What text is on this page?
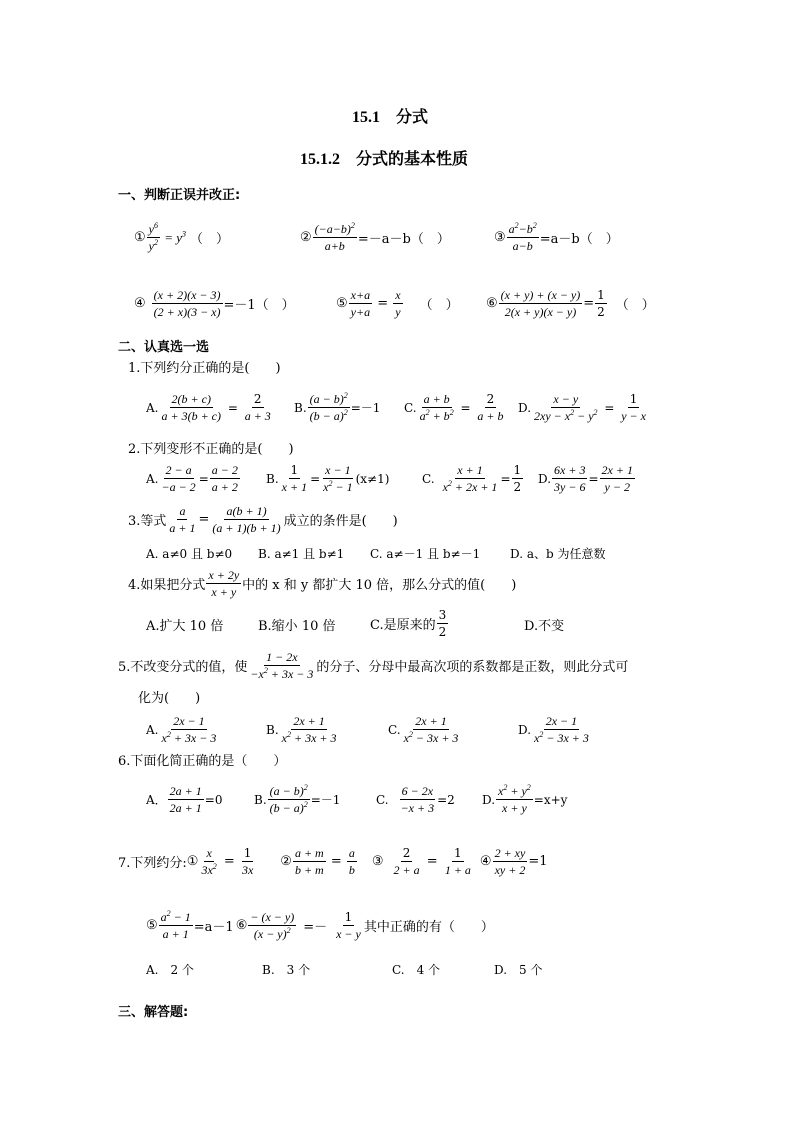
15.1　分式
15.1.2　分式的基本性质
一、判断正误并改正:
① $\frac{y^6}{y^2} = y^3$ （　）	② $\frac{(-a-b)^2}{a+b} =-a-b$ （　）	③ $\frac{a^2-b^2}{a-b} =a-b$ （　）
④ $\frac{(x + 2)(x - 3)}{(2 + x)(3 - x)} =-1$ （　）	⑤ $\frac{x+a}{y+a} = \frac{x}{y}$ （　） ⑥ $\frac{(x + y) + (x - y)}{2(x + y)(x - y)} = \frac{1}{2}$ （　）
二、认真选一选
1.下列约分正确的是(　　)
A. $\frac{2(b + c)}{a + 3(b + c)} = \frac{2}{a + 3} B$. $\frac{(a - b)^2}{(b - a)^2} =-1$ C. $\frac{a + b}{a^2 + b^2} = \frac{2}{a + b} D$. $\frac{x - y}{2xy - x^2 - y^2} = \frac{1}{y - x}$
2.下列变形不正确的是(　　)
A. $\frac{2 - a}{-a - 2} = \frac{a - 2}{a + 2} B$. $\frac{1}{x + 1} = \frac{x - 1}{x^2 - 1} (x\ne 1)$	C. $\frac{x + 1}{x^2 + 2x + 1} = \frac{1}{2} D$. $\frac{6x + 3}{3y - 6} = \frac{2x + 1}{y - 2}$
3.等式 $\frac{a}{a + 1} = \frac{a(b + 1)}{(a + 1)(b + 1)}$ 成立的条件是(　　)
A. a≠0 且 b≠0 B. a≠1 且 b≠1 C. a≠－1 且 b≠－1 D. a、b 为任意数
4.如果把分式 $\frac{x + 2y}{x + y}$ 中的 x 和 y 都扩大 10 倍，那么分式的值(　　)
A.扩大 10 倍	B.缩小 10 倍	C.是原来的 $\frac{3}{2}$	D.不变
5.不改变分式的值，使 $\frac{1 - 2x}{-x^2 + 3x - 3}$ 的分子、分母中最高次项的系数都是正数，则此分式可
化为(　　)
A. $\frac{2x - 1}{x^2 + 3x - 3}$	B. $\frac{2x + 1}{x^2 + 3x + 3}$	C. $\frac{2x + 1}{x^2 - 3x + 3}$	D. $\frac{2x - 1}{x^2 - 3x + 3}$
6.下面化简正确的是（　　）
A． $\frac{2a + 1}{2a + 1} =0$	B. $\frac{(a - b)^2}{(b - a)^2} =-1$	C. $\frac{6 - 2x}{-x + 3} =2$ D. $\frac{x^2 + y^2}{x + y} =x+y$
7.下列约分: ① $\frac{x}{3x^2} = \frac{1}{3x}$ ② $\frac{a + m}{b + m} = \frac{a}{b}$ ③ $\frac{2}{2 + a} = \frac{1}{1 + a}$ ④ $\frac{2 + xy}{xy + 2} =1$
⑤ $\frac{a^2 - 1}{a + 1} =a-1$ ⑥ $\frac{- (x - y)}{(x - y)^2} =- \frac{1}{x - y}$ 其中正确的有（　　）
A.　2 个	B.　3 个	C.　4 个	D.　5 个
三、解答题:
